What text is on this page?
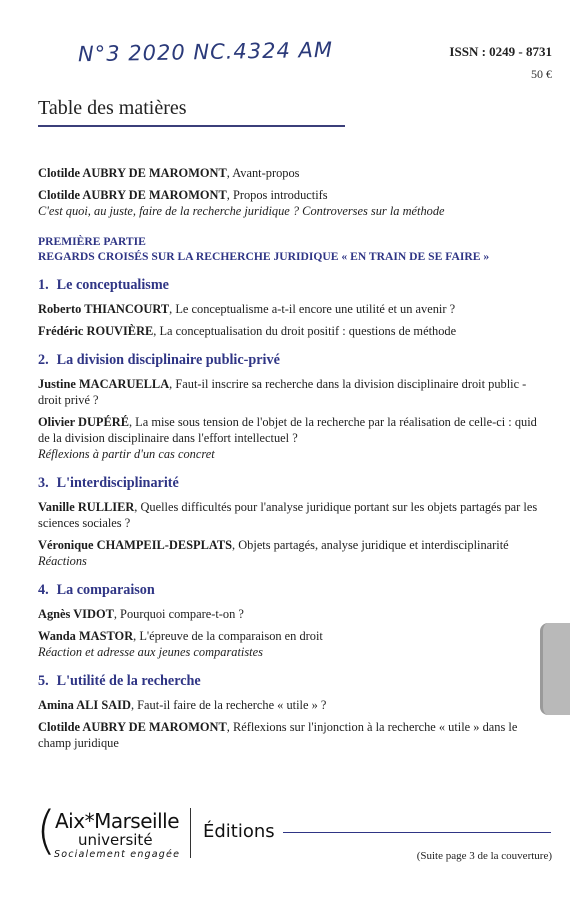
N°3 2020 NC.4324 AM	ISSN : 0249 - 8731
50 €
Table des matières
Clotilde AUBRY DE MAROMONT, Avant-propos
Clotilde AUBRY DE MAROMONT, Propos introductifs
C'est quoi, au juste, faire de la recherche juridique ? Controverses sur la méthode
PREMIÈRE PARTIE
REGARDS CROISÉS SUR LA RECHERCHE JURIDIQUE « EN TRAIN DE SE FAIRE »
1. Le conceptualisme
Roberto THIANCOURT, Le conceptualisme a-t-il encore une utilité et un avenir ?
Frédéric ROUVIÈRE, La conceptualisation du droit positif : questions de méthode
2. La division disciplinaire public-privé
Justine MACARUELLA, Faut-il inscrire sa recherche dans la division disciplinaire droit public - droit privé ?
Olivier DUPÉRÉ, La mise sous tension de l'objet de la recherche par la réalisation de celle-ci : quid de la division disciplinaire dans l'effort intellectuel ?
Réflexions à partir d'un cas concret
3. L'interdisciplinarité
Vanille RULLIER, Quelles difficultés pour l'analyse juridique portant sur les objets partagés par les sciences sociales ?
Véronique CHAMPEIL-DESPLATS, Objets partagés, analyse juridique et interdisciplinarité
Réactions
4. La comparaison
Agnès VIDOT, Pourquoi compare-t-on ?
Wanda MASTOR, L'épreuve de la comparaison en droit
Réaction et adresse aux jeunes comparatistes
5. L'utilité de la recherche
Amina ALI SAID, Faut-il faire de la recherche « utile » ?
Clotilde AUBRY DE MAROMONT, Réflexions sur l'injonction à la recherche « utile » dans le champ juridique
(
Aix*Marseille
université
Socialement engagée
Éditions
(Suite page 3 de la couverture)
